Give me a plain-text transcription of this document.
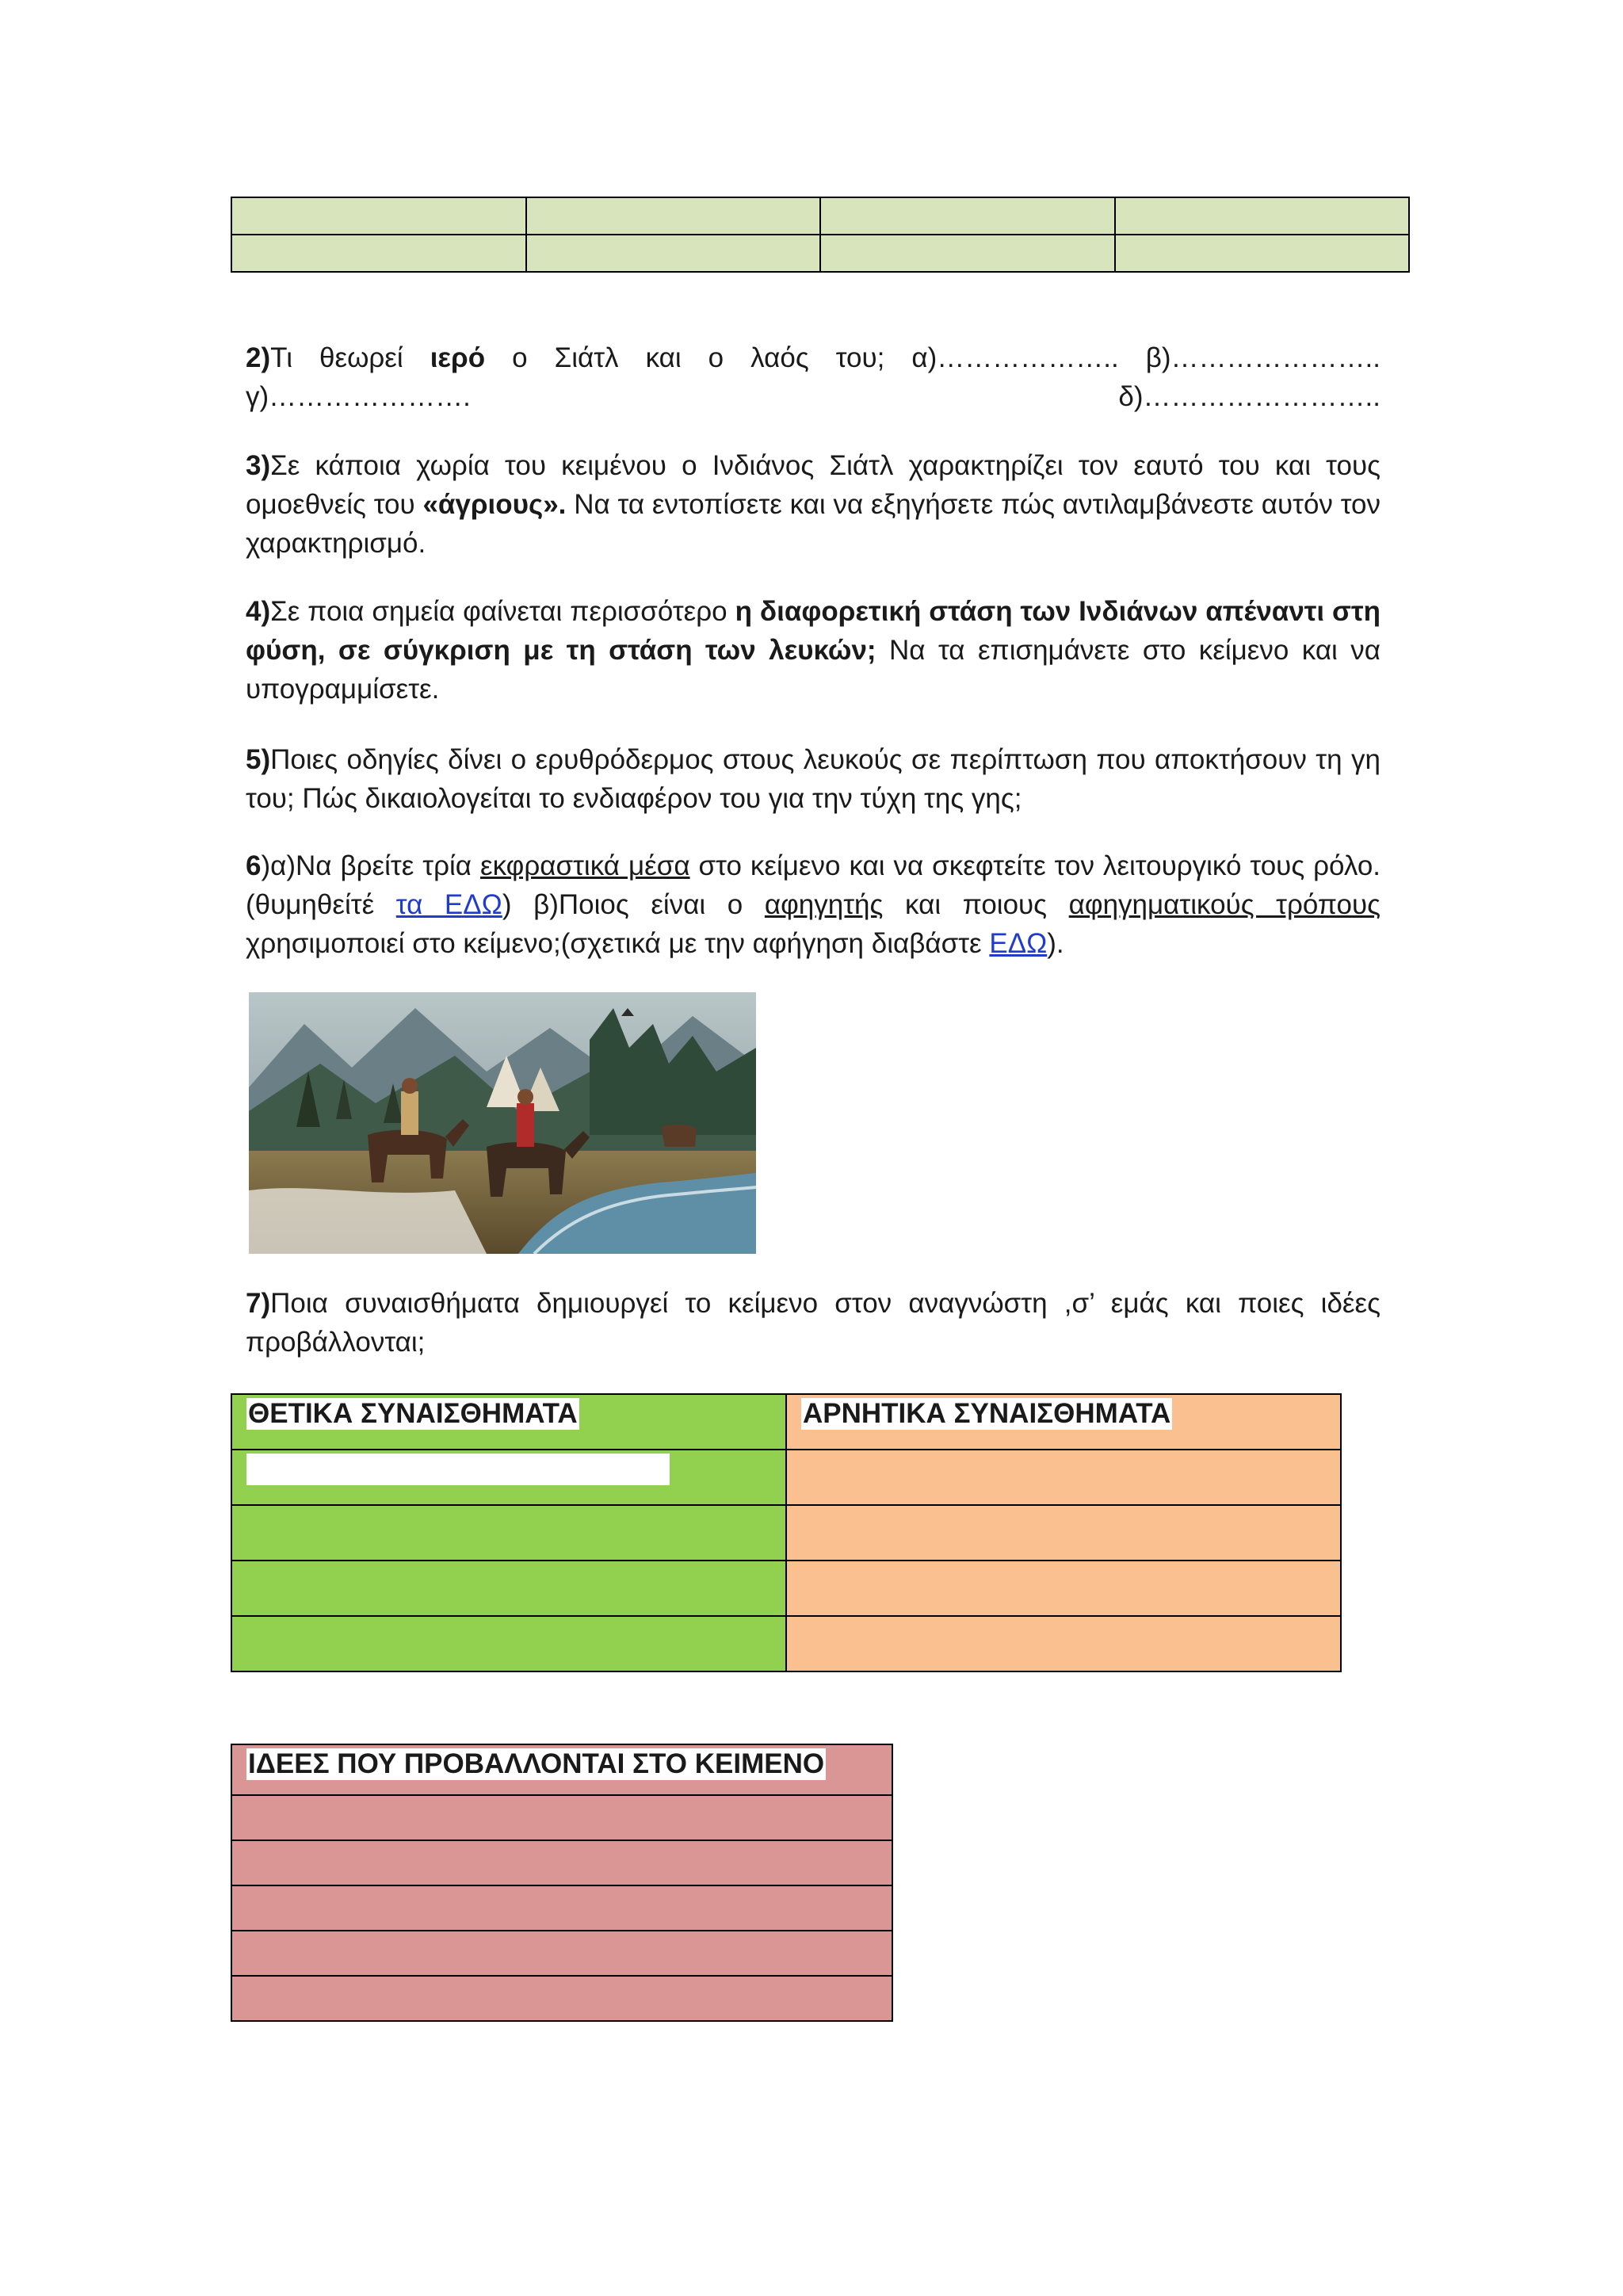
2)Τι θεωρεί ιερό ο Σιάτλ και ο λαός του; α)……………….. β)………………….. γ)…………………. δ)……………………..

3)Σε κάποια χωρία του κειμένου ο Ινδιάνος Σιάτλ χαρακτηρίζει τον εαυτό του και τους ομοεθνείς του «άγριους». Να τα εντοπίσετε και να εξηγήσετε πώς αντιλαμβάνεστε αυτόν τον χαρακτηρισμό.

4)Σε ποια σημεία φαίνεται περισσότερο η διαφορετική στάση των Ινδιάνων απέναντι στη φύση, σε σύγκριση με τη στάση των λευκών; Να τα επισημάνετε στο κείμενο και να υπογραμμίσετε.

5)Ποιες οδηγίες δίνει ο ερυθρόδερμος στους λευκούς σε περίπτωση που αποκτήσουν τη γη του; Πώς δικαιολογείται το ενδιαφέρον του για την τύχη της γης;

6)α)Να βρείτε τρία εκφραστικά μέσα στο κείμενο και να σκεφτείτε τον λειτουργικό τους ρόλο.(θυμηθείτέ τα ΕΔΩ) β)Ποιος είναι ο αφηγητής και ποιους αφηγηματικούς τρόπους χρησιμοποιεί στο κείμενο;(σχετικά με την αφήγηση διαβάστε ΕΔΩ).

7)Ποια συναισθήματα δημιουργεί το κείμενο στον αναγνώστη ,σ’ εμάς και ποιες ιδέες προβάλλονται;

ΘΕΤΙΚΑ ΣΥΝΑΙΣΘΗΜΑΤΑ	ΑΡΝΗΤΙΚΑ ΣΥΝΑΙΣΘΗΜΑΤΑ

ΙΔΕΕΣ ΠΟΥ ΠΡΟΒΑΛΛΟΝΤΑΙ ΣΤΟ ΚΕΙΜΕΝΟ
